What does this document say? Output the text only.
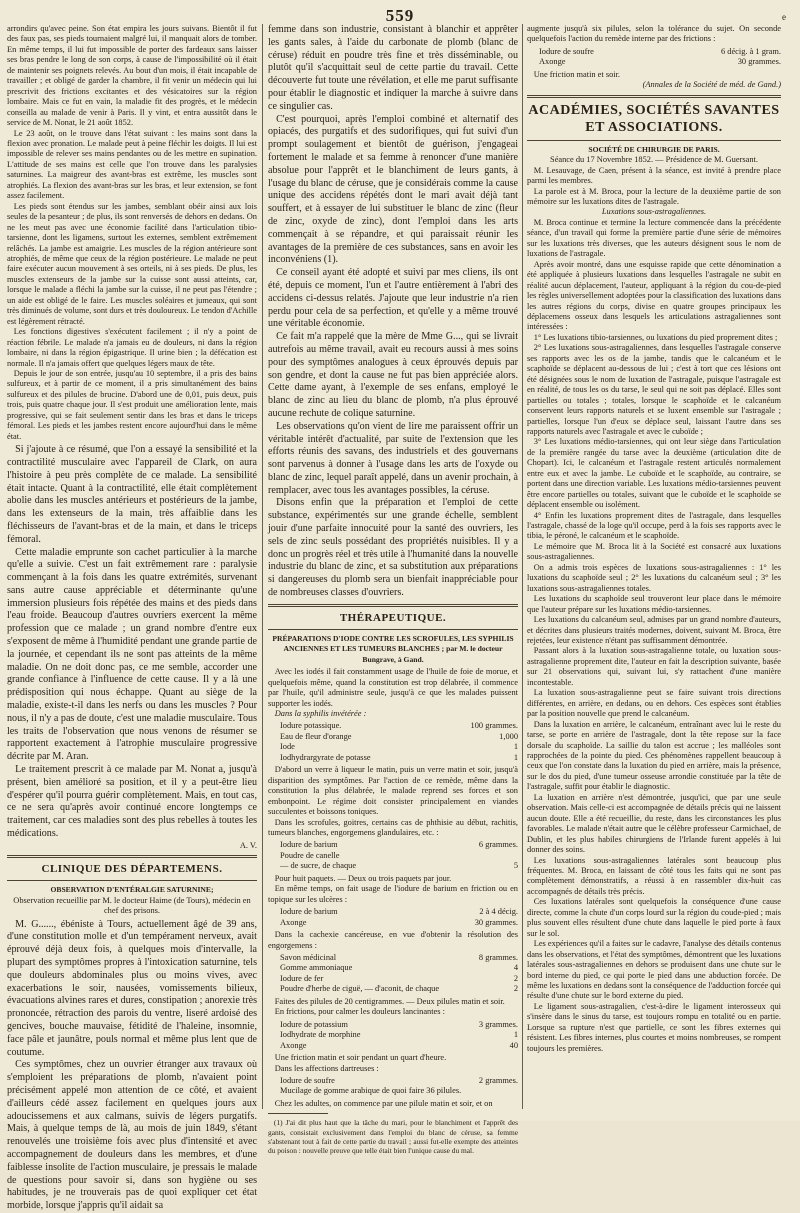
559	e

arrondirs qu'avec peine. Son état empira les jours suivans. Bientôt il fut des faux pas, ses pieds tournaient malgré lui, il manquait alors de tomber. En même temps, il lui fut impossible de porter des fardeaux sans laisser ses bras pendre le long de son corps, à cause de l'impossibilité où il était de maintenir ses poignets relevés. Au bout d'un mois, il était incapable de travailler ; et obligé de garder la chambre, il fit venir un médecin qui lui prescrivit des frictions excitantes et des vésicatoires sur la région lombaire. Mais ce fut en vain, la maladie fit des progrès, et le médecin conseilla au malade de venir à Paris. Il y vint, et entra aussitôt dans le service de M. Nonat, le 21 août 1852.

Le 23 août, on le trouve dans l'état suivant : les mains sont dans la flexion avec pronation. Le malade peut à peine fléchir les doigts. Il lui est impossible de relever ses mains pendantes ou de les mettre en supination. L'attitude de ses mains est celle que l'on trouve dans les paralysies saturnines. La maigreur des avant-bras est extrême, les muscles sont atrophiés. La flexion des avant-bras sur les bras, et leur extension, se font assez facilement.

Les pieds sont étendus sur les jambes, semblant obéir ainsi aux lois seules de la pesanteur ; de plus, ils sont renversés de dehors en dedans. On ne les meut pas avec une économie facilité dans l'articulation tibio-tarsienne, dont les ligamens, surtout les externes, semblent extrêmement relâchés. La jambe est amaigrie. Les muscles de la région antérieure sont atrophiés, de même que ceux de la région postérieure. Le malade ne peut faire exécuter aucun mouvement à ses orteils, ni à ses pieds. De plus, les muscles extenseurs de la jambe sur la cuisse sont aussi atteints, car, lorsque le malade a fléchi la jambe sur la cuisse, il ne peut pas l'étendre ; un aide est obligé de le faire. Les muscles soléaires et jumeaux, qui sont très diminués de volume, sont durs et très douloureux. Le tendon d'Achille est légèrement rétracté.

Les fonctions digestives s'exécutent facilement ; il n'y a point de réaction fébrile. Le malade n'a jamais eu de douleurs, ni dans la région lombaire, ni dans la région épigastrique. Il urine bien ; la défécation est normale. Il n'a jamais offert que quelques légers maux de tête.

Depuis le jour de son entrée, jusqu'au 10 septembre, il a pris des bains sulfureux, et à partir de ce moment, il a pris simultanément des bains sulfureux et des pilules de brucine. D'abord une de 0,01, puis deux, puis trois, puis quatre chaque jour. Il s'est produit une amélioration lente, mais progressive, qui se fait seulement sentir dans les bras et dans le triceps fémoral. Les pieds et les jambes restent encore aujourd'hui dans le même état.

Si j'ajoute à ce résumé, que l'on a essayé la sensibilité et la contractilité musculaire avec l'appareil de Clark, on aura l'histoire à peu près complète de ce malade. La sensibilité était intacte. Quant à la contractilité, elle était complètement abolie dans les muscles antérieurs et postérieurs de la jambe, dans les extenseurs de la main, très affaiblie dans les fléchisseurs de l'avant-bras et de la main, et dans le triceps fémoral.

Cette maladie emprunte son cachet particulier à la marche qu'elle a suivie. C'est un fait extrêmement rare : paralysie commençant à la fois dans les quatre extrémités, survenant sans autre cause appréciable et déterminante qu'une immersion plusieurs fois répétée des mains et des pieds dans l'eau froide. Beaucoup d'autres ouvriers exercent la même profession que ce malade ; un grand nombre d'entre eux s'exposent de même à l'humidité pendant une grande partie de la journée, et cependant ils ne sont pas atteints de la même maladie. On ne doit donc pas, ce me semble, accorder une grande confiance à l'influence de cette cause. Il y a là une prédisposition qui nous échappe. Quant au siège de la maladie, existe-t-il dans les nerfs ou dans les muscles ? Pour nous, il n'y a pas de doute, c'est une maladie musculaire. Tous les traits de l'observation que nous venons de résumer se rapportent exactement à l'atrophie musculaire progressive décrite par M. Aran.

Le traitement prescrit à ce malade par M. Nonat a, jusqu'à présent, bien amélioré sa position, et il y a peut-être lieu d'espérer qu'il pourra guérir complètement. Mais, en tout cas, ce ne sera qu'après avoir continué encore longtemps ce traitement, car ces maladies sont des plus rebelles à toutes les médications.

A. V.
CLINIQUE DES DÉPARTEMENS.
OBSERVATION D'ENTÉRALGIE SATURNINE;

Observation recueillie par M. le docteur Haime (de Tours), médecin en chef des prisons.

M. G......, ébéniste à Tours, actuellement âgé de 39 ans, d'une constitution molle et d'un tempérament nerveux, avait éprouvé déjà deux fois, à quelques mois d'intervalle, la plupart des symptômes propres à l'intoxication saturnine, tels que douleurs abdominales plus ou moins vives, avec exacerbations le soir, nausées, vomissements bilieux, évacuations alvines rares et dures, constipation ; anorexie très prononcée, rétraction des parois du ventre, liseré ardoisé des gencives, bouche mauvaise, fétidité de l'haleine, insomnie, face pâle et jaunâtre, pouls normal et même plus lent que de coutume.

Ces symptômes, chez un ouvrier étranger aux travaux où s'emploient les préparations de plomb, n'avaient point précisément appelé mon attention de ce côté, et avaient d'ailleurs cédé assez facilement en quelques jours aux adoucissemens et aux calmans, suivis de légers purgatifs. Mais, à quelque temps de là, au mois de juin 1849, s'étant renouvelés une troisième fois avec plus d'intensité et avec accompagnement de douleurs dans les membres, et d'une faiblesse insolite de l'action musculaire, je pressais le malade de questions pour savoir si, dans son hygiène ou ses habitudes, je ne trouverais pas de quoi expliquer cet état morbide, lorsque j'appris qu'il aidait sa

femme dans son industrie, consistant à blanchir et apprêter les gants sales, à l'aide du carbonate de plomb (blanc de céruse) réduit en poudre très fine et très disséminable, ou plutôt qu'il s'acquittait seul de cette partie du travail. Cette découverte fut toute une révélation, et elle me parut suffisante pour établir le diagnostic et indiquer la marche à suivre dans ce singulier cas.

C'est pourquoi, après l'emploi combiné et alternatif des opiacés, des purgatifs et des sudorifiques, qui fut suivi d'un prompt soulagement et bientôt de guérison, j'engageai fortement le malade et sa femme à renoncer d'une manière absolue pour l'apprêt et le blanchiment de leurs gants, à l'usage du blanc de céruse, que je considérais comme la cause unique des accidens répétés dont le mari avait déjà tant souffert, et à essayer de lui substituer le blanc de zinc (fleur de zinc, oxyde de zinc), dont l'emploi dans les arts commençait à se répandre, et qui paraissait réunir les avantages de la première de ces substances, sans en avoir les inconvéniens (1).

Ce conseil ayant été adopté et suivi par mes cliens, ils ont été, depuis ce moment, l'un et l'autre entièrement à l'abri des accidens ci-dessus relatés. J'ajoute que leur industrie n'a rien perdu pour cela de sa perfection, et qu'elle y a même trouvé une véritable économie.

Ce fait m'a rappelé que la mère de Mme G..., qui se livrait autrefois au même travail, avait eu recours aussi à mes soins pour des symptômes analogues à ceux éprouvés depuis par son gendre, et dont la cause ne fut pas bien appréciée alors. Cette dame ayant, à l'exemple de ses enfans, employé le blanc de zinc au lieu du blanc de plomb, n'a plus éprouvé aucune rechute de colique saturnine.

Les observations qu'on vient de lire me paraissent offrir un véritable intérêt d'actualité, par suite de l'extension que les efforts réunis des savans, des industriels et des gouvernans sont parvenus à donner à l'usage dans les arts de l'oxyde ou blanc de zinc, lequel paraît appelé, dans un avenir prochain, à remplacer, avec tous les avantages possibles, la céruse.

Disons enfin que la préparation et l'emploi de cette substance, expérimentés sur une grande échelle, semblent jouir d'une parfaite innocuité pour la santé des ouvriers, les sels de zinc seuls possédant des propriétés nuisibles. Il y a donc un progrès réel et très utile à l'humanité dans la nouvelle industrie du blanc de zinc, et sa substitution aux préparations si dangereuses du plomb sera un bienfait inappréciable pour de nombreuses classes d'ouvriers.

THÉRAPEUTIQUE.
PRÉPARATIONS D'IODE CONTRE LES SCROFULES, LES SYPHILIS ANCIENNES ET LES TUMEURS BLANCHES ; par M. le docteur Bungrave, à Gand.

Avec les iodés il fait constamment usage de l'huile de foie de morue, et quelquefois même, quand la constitution est trop délabrée, il commence par l'huile, qu'il administre seule, jusqu'à ce que les malades puissent supporter les iodés.

Dans la syphilis invétérée :

Iodure potassique.	100 grammes.
Eau de fleur d'orange	1,000
Iode	1
Iodhydrargyrate de potasse	1

D'abord un verre à liqueur le matin, puis un verre matin et soir, jusqu'à disparition des symptômes. Par l'action de ce remède, même dans la constitution la plus délabrée, le malade reprend ses forces et son embonpoint. Le régime doit consister principalement en viandes succulentes et boissons toniques.

Dans les scrofules, goitres, certains cas de phthisie au début, rachitis, tumeurs blanches, engorgemens glandulaires, etc. :

Iodure de barium	6 grammes.
Poudre de canelle
— de sucre, de chaque	5

Pour huit paquets. — Deux ou trois paquets par jour.

En même temps, on fait usage de l'iodure de barium en friction ou en topique sur les ulcères :

Iodure de barium	2 à 4 décig.
Axonge	30 grammes.

Dans la cachexie cancéreuse, en vue d'obtenir la résolution des engorgemens :

Savon médicinal	8 grammes.
Gomme ammoniaque	4
Iodure de fer	2
Poudre d'herbe de ciguë, — d'aconit, de chaque	2

Faites des pilules de 20 centigrammes. — Deux pilules matin et soir.

En frictions, pour calmer les douleurs lancinantes :

Iodure de potassium	3 grammes.
Iodhydrate de morphine	1
Axonge	40

Une friction matin et soir pendant un quart d'heure.

Dans les affections dartreuses :

Iodure de soufre	2 grammes.
Mucilage de gomme arabique de quoi faire 36 pilules.

Chez les adultes, on commence par une pilule matin et soir, et on

(1) J'ai dit plus haut que la tâche du mari, pour le blanchiment et l'apprêt des gants, consistait exclusivement dans l'emploi du blanc de céruse, sa femme s'abstenant tout à fait de cette partie du travail ; aussi fut-elle exempte des atteintes du poison : nouvelle preuve que telle était bien l'unique cause du mal.

augmente jusqu'à six pilules, selon la tolérance du sujet. On seconde quelquefois l'action du remède interne par des frictions :

Iodure de soufre	6 décig. à 1 gram.
Axonge	30 grammes.

Une friction matin et soir.

(Annales de la Société de méd. de Gand.)
ACADÉMIES, SOCIÉTÉS SAVANTES ET ASSOCIATIONS.
SOCIÉTÉ DE CHIRURGIE DE PARIS.
Séance du 17 Novembre 1852. — Présidence de M. Guersant.

M. Lesauvage, de Caen, présent à la séance, est invité à prendre place parmi les membres.

La parole est à M. Broca, pour la lecture de la deuxième partie de son mémoire sur les luxations dites de l'astragale.

Luxations sous-astragaliennes.

M. Broca continue et termine la lecture commencée dans la précédente séance, d'un travail qui forme la première partie d'une série de mémoires sur les luxations très diverses, que les auteurs désignent sous le nom de luxations de l'astragale.

Après avoir montré, dans une esquisse rapide que cette dénomination a été appliquée à plusieurs luxations dans lesquelles l'astragale ne subit en réalité aucun déplacement, l'auteur, appliquant à la région du cou-de-pied les règles universellement adoptées pour la classification des luxations dans les autres régions du corps, divise en quatre groupes principaux les déplacemens osseux dans lesquels les articulations astragaliennes sont intéressées :

1° Les luxations tibio-tarsiennes, ou luxations du pied proprement dites ;

2° Les luxations sous-astragaliennes, dans lesquelles l'astragale conserve ses rapports avec les os de la jambe, tandis que le calcanéum et le scaphoïde se déplacent au-dessous de lui ; c'est à tort que ces lésions ont été désignées sous le nom de luxation de l'astragale, puisque l'astragale est en réalité, de tous les os du tarse, le seul qui ne soit pas déplacé. Elles sont partielles ou totales ; totales, lorsque le scaphoïde et le calcanéum conservent leurs rapports naturels et se luxent ensemble sur l'astragale ; partielles, lorsque l'un d'eux se déplace seul, laissant l'autre dans ses rapports naturels avec l'astragale et avec le cuboïde ;

3° Les luxations médio-tarsiennes, qui ont leur siège dans l'articulation de la première rangée du tarse avec la deuxième (articulation dite de Chopart). Ici, le calcanéum et l'astragale restent articulés normalement entre eux et avec la jambe. Le cuboïde et le scaphoïde, au contraire, se portent dans une direction variable. Les luxations médio-tarsiennes peuvent être encore partielles ou totales, suivant que le cuboïde et le scaphoïde se déplacent ensemble ou isolément.

4° Enfin les luxations proprement dites de l'astragale, dans lesquelles l'astragale, chassé de la loge qu'il occupe, perd à la fois ses rapports avec le tibia, le péroné, le calcanéum et le scaphoïde.

Le mémoire que M. Broca lit à la Société est consacré aux luxations sous-astragaliennes.

On a admis trois espèces de luxations sous-astragaliennes : 1° les luxations du scaphoïde seul ; 2° les luxations du calcanéum seul ; 3° les luxations sous-astragaliennes totales.

Les luxations du scaphoïde seul trouveront leur place dans le mémoire que l'auteur prépare sur les luxations médio-tarsiennes.

Les luxations du calcanéum seul, admises par un grand nombre d'auteurs, et décrites dans plusieurs traités modernes, doivent, suivant M. Broca, être rejetées, leur existence n'étant pas suffisamment démontrée.

Passant alors à la luxation sous-astragalienne totale, ou luxation sous-astragalienne proprement dite, l'auteur en fait la description suivante, basée sur 21 observations qui, suivant lui, s'y rattachent d'une manière incontestable.

La luxation sous-astragalienne peut se faire suivant trois directions différentes, en arrière, en dedans, ou en dehors. Ces espèces sont établies par la position nouvelle que prend le calcanéum.

Dans la luxation en arrière, le calcanéum, entraînant avec lui le reste du tarse, se porte en arrière de l'astragale, dont la tête repose sur la face dorsale du scaphoïde. La saillie du talon est accrue ; les malléoles sont rapprochées de la pointe du pied. Ces phénomènes rappellent beaucoup à ceux que l'on constate dans la luxation du pied en arrière, mais la présence, sur le dos du pied, d'une tumeur osseuse arrondie constituée par la tête de l'astragale, suffit pour établir le diagnostic.

La luxation en arrière n'est démontrée, jusqu'ici, que par une seule observation. Mais celle-ci est accompagnée de détails précis qui ne laissent aucun doute. Elle a été recueillie, du reste, dans les circonstances les plus favorables. Le malade n'était autre que le célèbre professeur Carmichael, de Dublin, et les plus habiles chirurgiens de l'Irlande furent appelés à lui donner des soins.

Les luxations sous-astragaliennes latérales sont beaucoup plus fréquentes. M. Broca, en laissant de côté tous les faits qui ne sont pas complètement démonstratifs, a réussi à en rassembler dix-huit cas accompagnés de détails très précis.

Ces luxations latérales sont quelquefois la conséquence d'une cause directe, comme la chute d'un corps lourd sur la région du coude-pied ; mais plus souvent elles résultent d'une chute dans laquelle le pied porte à faux sur le sol.

Les expériences qu'il a faites sur le cadavre, l'analyse des détails contenus dans les observations, et l'état des symptômes, démontrent que les luxations latérales sous-astragaliennes en dehors se produisent dans une chute sur le bord interne du pied, ce qui porte le pied dans une abduction forcée. De même les luxations en dedans sont la conséquence de l'adduction forcée qui résulte d'une chute sur le bord externe du pied.

Le ligament sous-astragalien, c'est-à-dire le ligament interosseux qui s'insère dans le sinus du tarse, est toujours rompu en totalité ou en partie. Lorsque sa rupture n'est que partielle, ce sont les fibres externes qui résistent. Les fibres internes, plus courtes et moins nombreuses, se rompent toujours les premières.
